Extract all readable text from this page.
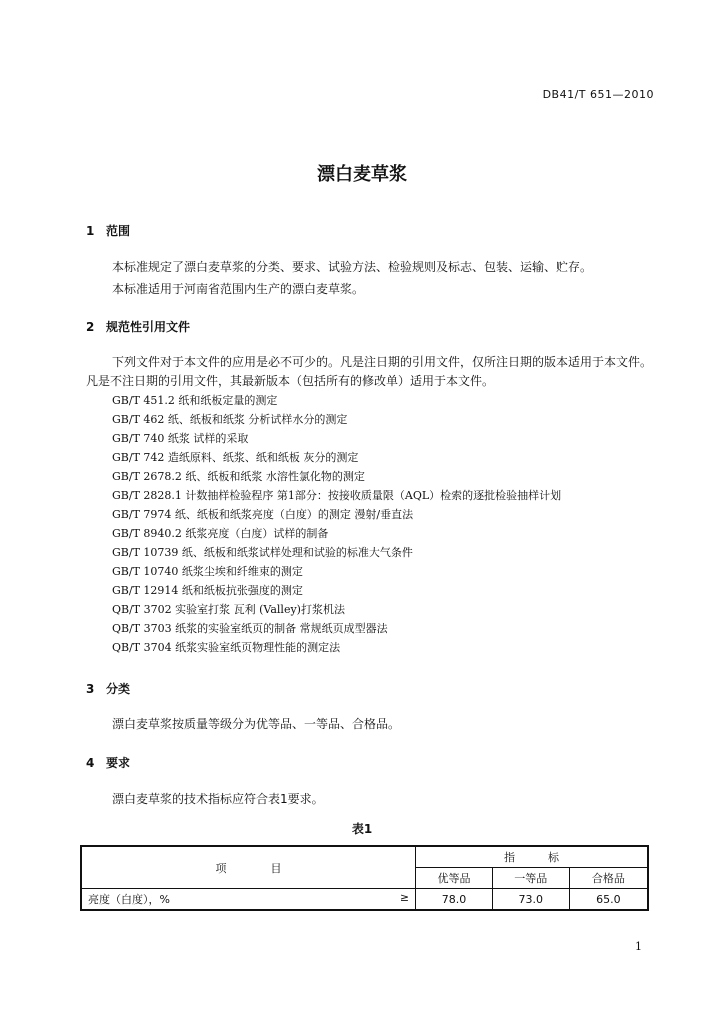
DB41/T 651—2010
漂白麦草浆
1 范围
本标准规定了漂白麦草浆的分类、要求、试验方法、检验规则及标志、包装、运输、贮存。
本标准适用于河南省范围内生产的漂白麦草浆。
2 规范性引用文件
下列文件对于本文件的应用是必不可少的。凡是注日期的引用文件，仅所注日期的版本适用于本文件。凡是不注日期的引用文件，其最新版本（包括所有的修改单）适用于本文件。
GB/T 451.2 纸和纸板定量的测定
GB/T 462 纸、纸板和纸浆 分析试样水分的测定
GB/T 740 纸浆 试样的采取
GB/T 742 造纸原料、纸浆、纸和纸板 灰分的测定
GB/T 2678.2 纸、纸板和纸浆 水溶性氯化物的测定
GB/T 2828.1 计数抽样检验程序 第1部分：按接收质量限（AQL）检索的逐批检验抽样计划
GB/T 7974 纸、纸板和纸浆亮度（白度）的测定 漫射/垂直法
GB/T 8940.2 纸浆亮度（白度）试样的制备
GB/T 10739 纸、纸板和纸浆试样处理和试验的标准大气条件
GB/T 10740 纸浆尘埃和纤维束的测定
GB/T 12914 纸和纸板抗张强度的测定
QB/T 3702 实验室打浆 瓦利 (Valley)打浆机法
QB/T 3703 纸浆的实验室纸页的制备 常规纸页成型器法
QB/T 3704 纸浆实验室纸页物理性能的测定法
3 分类
漂白麦草浆按质量等级分为优等品、一等品、合格品。
4 要求
漂白麦草浆的技术指标应符合表1要求。
表1
项　　　　目	指　　　标		
	优等品	一等品	合格品
亮度（白度），% ≥	78.0	73.0	65.0
1
